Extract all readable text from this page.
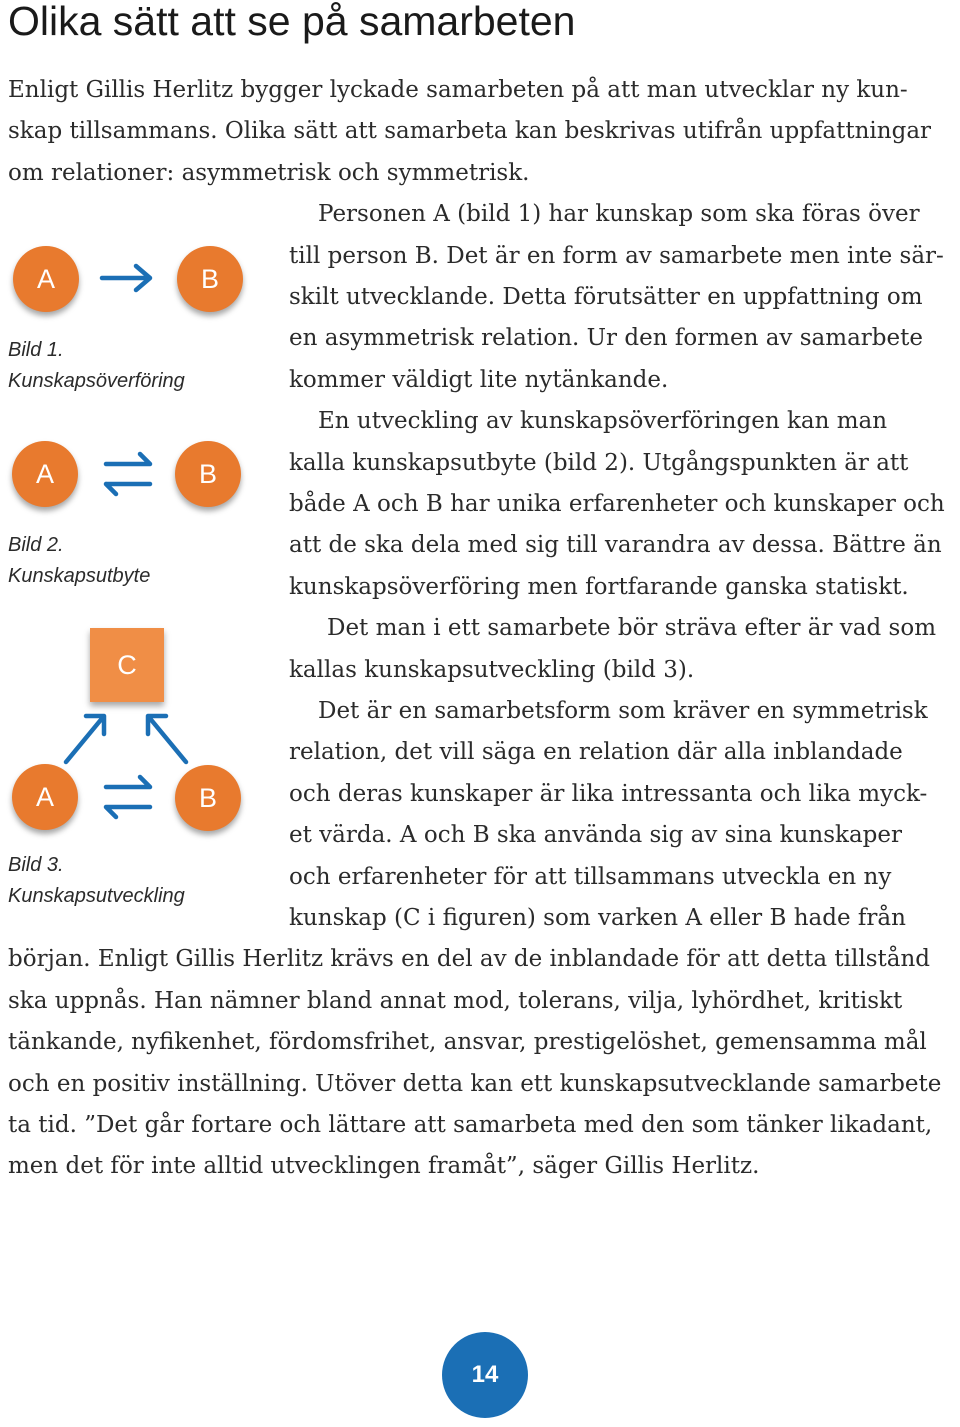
Olika sätt att se på samarbeten
Enligt Gillis Herlitz bygger lyckade samarbeten på att man utvecklar ny kun-
skap tillsammans. Olika sätt att samarbeta kan beskrivas utifrån uppfattningar
om relationer: asymmetrisk och symmetrisk.
Personen A (bild 1) har kunskap som ska föras över
till person B. Det är en form av samarbete men inte sär-
skilt utvecklande. Detta förutsätter en uppfattning om
en asymmetrisk relation. Ur den formen av samarbete
kommer väldigt lite nytänkande.
En utveckling av kunskapsöverföringen kan man
kalla kunskapsutbyte (bild 2). Utgångspunkten är att
både A och B har unika erfarenheter och kunskaper och
att de ska dela med sig till varandra av dessa. Bättre än
kunskapsöverföring men fortfarande ganska statiskt.
Det man i ett samarbete bör sträva efter är vad som
kallas kunskapsutveckling (bild 3).
Det är en samarbetsform som kräver en symmetrisk
relation, det vill säga en relation där alla inblandade
och deras kunskaper är lika intressanta och lika myck-
et värda. A och B ska använda sig av sina kunskaper
och erfarenheter för att tillsammans utveckla en ny
kunskap (C i figuren) som varken A eller B hade från
början. Enligt Gillis Herlitz krävs en del av de inblandade för att detta tillstånd
ska uppnås. Han nämner bland annat mod, tolerans, vilja, lyhördhet, kritiskt
tänkande, nyfikenhet, fördomsfrihet, ansvar, prestigelöshet, gemensamma mål
och en positiv inställning. Utöver detta kan ett kunskapsutvecklande samarbete
ta tid. ”Det går fortare och lättare att samarbeta med den som tänker likadant,
men det för inte alltid utvecklingen framåt”, säger Gillis Herlitz.
A	B
Bild 1.
Kunskapsöverföring
A	B
Bild 2.
Kunskapsutbyte
C
A	B
Bild 3.
Kunskapsutveckling
14
